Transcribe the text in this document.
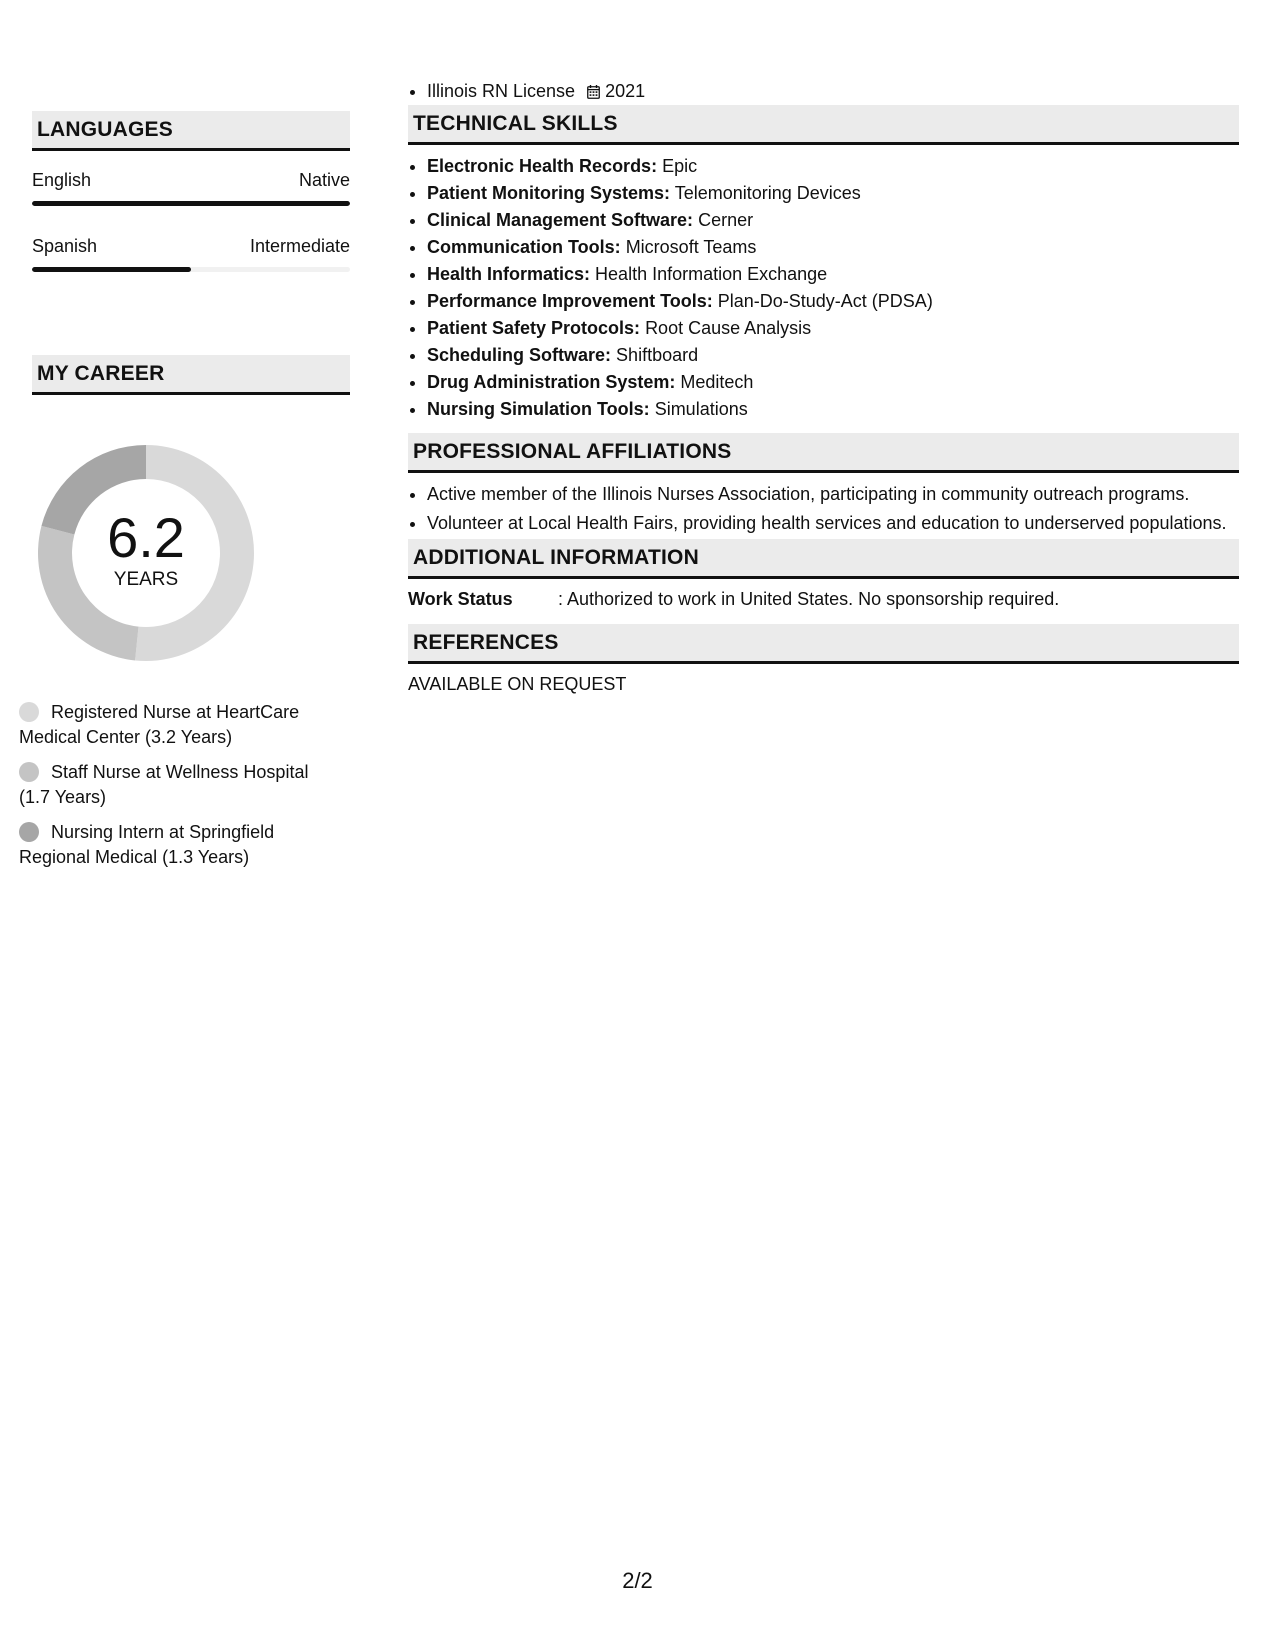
LANGUAGES
English	Native
Spanish	Intermediate
MY CAREER
6.2
YEARS
Registered Nurse at HeartCare Medical Center (3.2 Years)
Staff Nurse at Wellness Hospital (1.7 Years)
Nursing Intern at Springfield Regional Medical (1.3 Years)
• Illinois RN License 2021
TECHNICAL SKILLS
• Electronic Health Records: Epic
• Patient Monitoring Systems: Telemonitoring Devices
• Clinical Management Software: Cerner
• Communication Tools: Microsoft Teams
• Health Informatics: Health Information Exchange
• Performance Improvement Tools: Plan-Do-Study-Act (PDSA)
• Patient Safety Protocols: Root Cause Analysis
• Scheduling Software: Shiftboard
• Drug Administration System: Meditech
• Nursing Simulation Tools: Simulations
PROFESSIONAL AFFILIATIONS
• Active member of the Illinois Nurses Association, participating in community outreach programs.
• Volunteer at Local Health Fairs, providing health services and education to underserved populations.
ADDITIONAL INFORMATION
Work Status	: Authorized to work in United States. No sponsorship required.
REFERENCES
AVAILABLE ON REQUEST
2/2
